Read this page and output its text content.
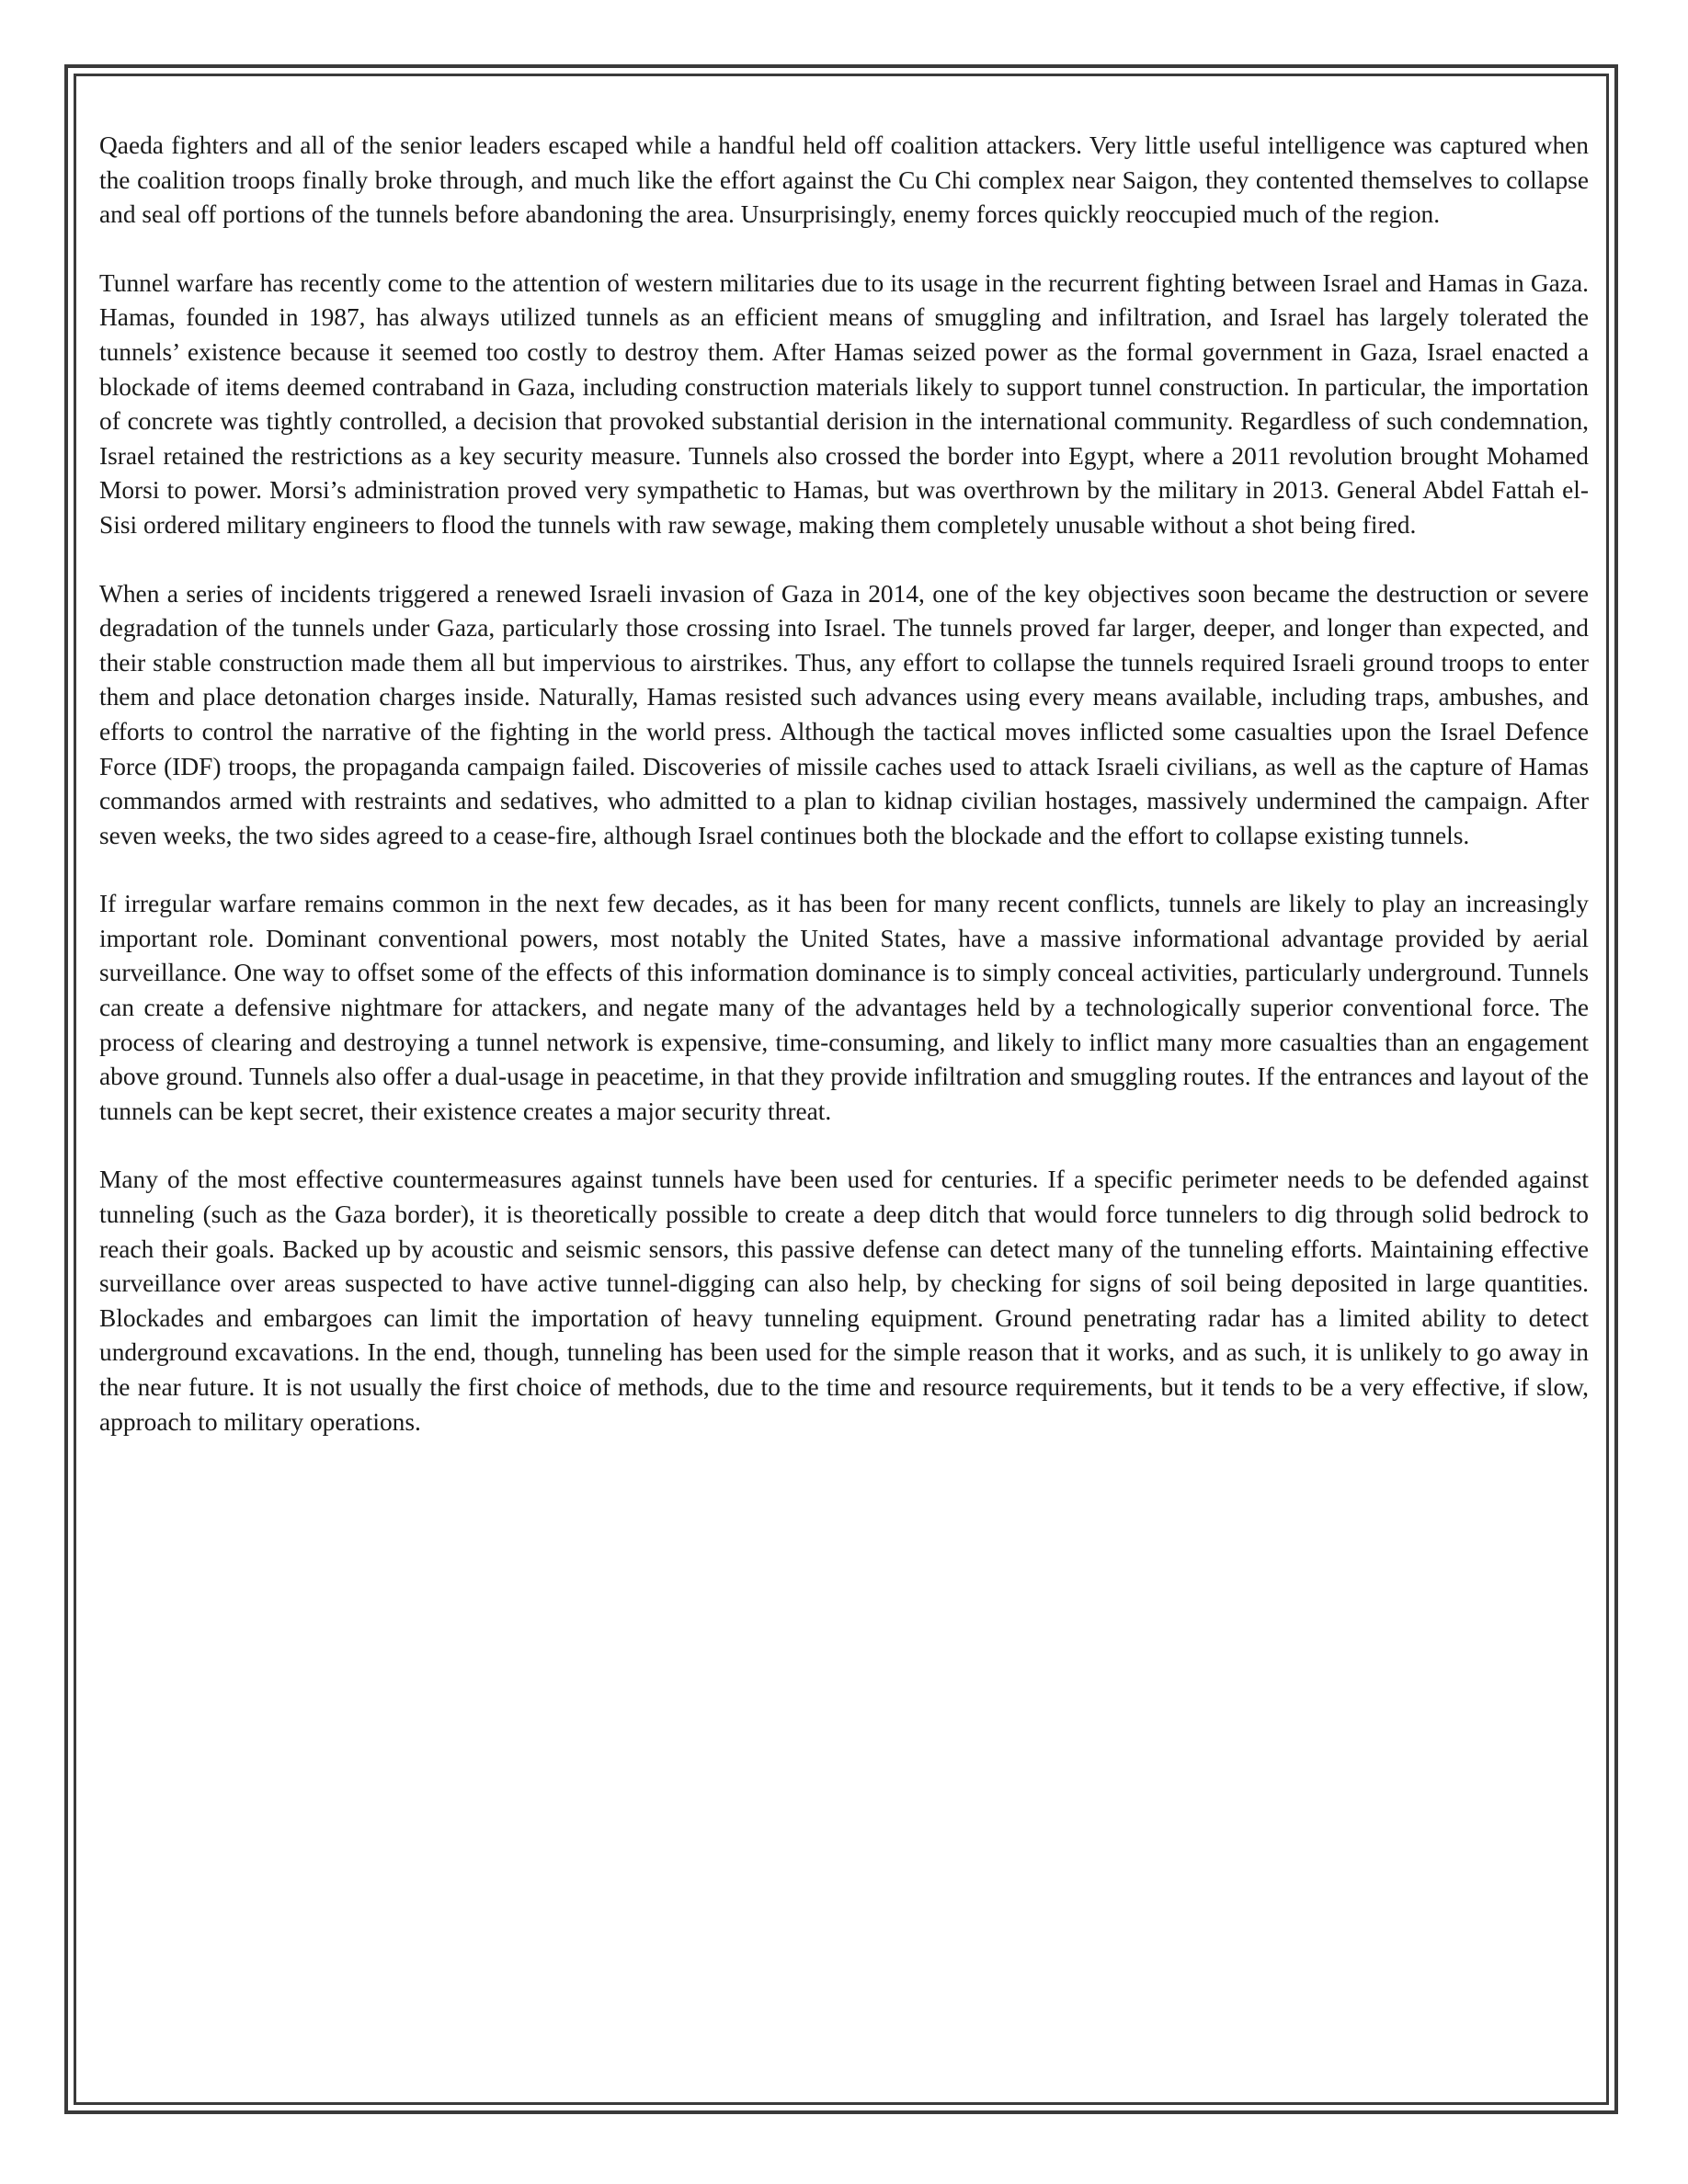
Qaeda fighters and all of the senior leaders escaped while a handful held off coalition attackers. Very little useful intelligence was captured when the coalition troops finally broke through, and much like the effort against the Cu Chi complex near Saigon, they contented themselves to collapse and seal off portions of the tunnels before abandoning the area. Unsurprisingly, enemy forces quickly reoccupied much of the region.

Tunnel warfare has recently come to the attention of western militaries due to its usage in the recurrent fighting between Israel and Hamas in Gaza. Hamas, founded in 1987, has always utilized tunnels as an efficient means of smuggling and infiltration, and Israel has largely tolerated the tunnels’ existence because it seemed too costly to destroy them. After Hamas seized power as the formal government in Gaza, Israel enacted a blockade of items deemed contraband in Gaza, including construction materials likely to support tunnel construction. In particular, the importation of concrete was tightly controlled, a decision that provoked substantial derision in the international community. Regardless of such condemnation, Israel retained the restrictions as a key security measure. Tunnels also crossed the border into Egypt, where a 2011 revolution brought Mohamed Morsi to power. Morsi’s administration proved very sympathetic to Hamas, but was overthrown by the military in 2013. General Abdel Fattah el-Sisi ordered military engineers to flood the tunnels with raw sewage, making them completely unusable without a shot being fired.

When a series of incidents triggered a renewed Israeli invasion of Gaza in 2014, one of the key objectives soon became the destruction or severe degradation of the tunnels under Gaza, particularly those crossing into Israel. The tunnels proved far larger, deeper, and longer than expected, and their stable construction made them all but impervious to airstrikes. Thus, any effort to collapse the tunnels required Israeli ground troops to enter them and place detonation charges inside. Naturally, Hamas resisted such advances using every means available, including traps, ambushes, and efforts to control the narrative of the fighting in the world press. Although the tactical moves inflicted some casualties upon the Israel Defence Force (IDF) troops, the propaganda campaign failed. Discoveries of missile caches used to attack Israeli civilians, as well as the capture of Hamas commandos armed with restraints and sedatives, who admitted to a plan to kidnap civilian hostages, massively undermined the campaign. After seven weeks, the two sides agreed to a cease-fire, although Israel continues both the blockade and the effort to collapse existing tunnels.

If irregular warfare remains common in the next few decades, as it has been for many recent conflicts, tunnels are likely to play an increasingly important role. Dominant conventional powers, most notably the United States, have a massive informational advantage provided by aerial surveillance. One way to offset some of the effects of this information dominance is to simply conceal activities, particularly underground. Tunnels can create a defensive nightmare for attackers, and negate many of the advantages held by a technologically superior conventional force. The process of clearing and destroying a tunnel network is expensive, time-consuming, and likely to inflict many more casualties than an engagement above ground. Tunnels also offer a dual-usage in peacetime, in that they provide infiltration and smuggling routes. If the entrances and layout of the tunnels can be kept secret, their existence creates a major security threat.

Many of the most effective countermeasures against tunnels have been used for centuries. If a specific perimeter needs to be defended against tunneling (such as the Gaza border), it is theoretically possible to create a deep ditch that would force tunnelers to dig through solid bedrock to reach their goals. Backed up by acoustic and seismic sensors, this passive defense can detect many of the tunneling efforts. Maintaining effective surveillance over areas suspected to have active tunnel-digging can also help, by checking for signs of soil being deposited in large quantities. Blockades and embargoes can limit the importation of heavy tunneling equipment. Ground penetrating radar has a limited ability to detect underground excavations. In the end, though, tunneling has been used for the simple reason that it works, and as such, it is unlikely to go away in the near future. It is not usually the first choice of methods, due to the time and resource requirements, but it tends to be a very effective, if slow, approach to military operations.
